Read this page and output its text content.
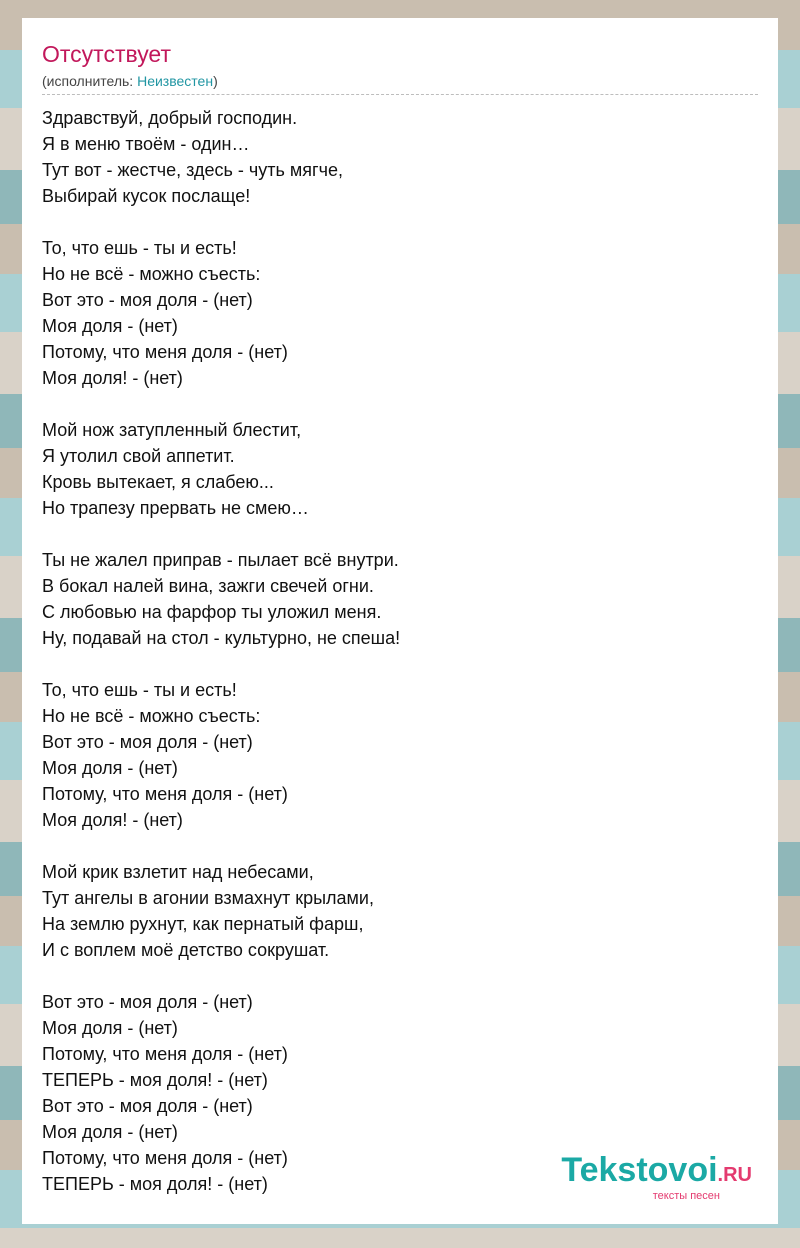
Отсутствует
(исполнитель: Неизвестен)
Здравствуй, добрый господин.
Я в меню твоём - один…
Тут вот - жестче, здесь - чуть мягче,
Выбирай кусок послаще!
То, что ешь - ты и есть!
Но не всё - можно съесть:
Вот это - моя доля - (нет)
Моя доля - (нет)
Потому, что меня доля - (нет)
Моя доля! - (нет)
Мой нож затупленный блестит,
Я утолил свой аппетит.
Кровь вытекает, я слабею...
Но трапезу прервать не смею…
Ты не жалел приправ - пылает всё внутри.
В бокал налей вина, зажги свечей огни.
С любовью на фарфор ты уложил меня.
Ну, подавай на стол - культурно, не спеша!
То, что ешь - ты и есть!
Но не всё - можно съесть:
Вот это - моя доля - (нет)
Моя доля - (нет)
Потому, что меня доля - (нет)
Моя доля! - (нет)
Мой крик взлетит над небесами,
Тут ангелы в агонии взмахнут крылами,
На землю рухнут, как пернатый фарш,
И с воплем моё детство сокрушат.
Вот это - моя доля - (нет)
Моя доля - (нет)
Потому, что меня доля - (нет)
ТЕПЕРЬ - моя доля! - (нет)
Вот это - моя доля - (нет)
Моя доля - (нет)
Потому, что меня доля - (нет)
ТЕПЕРЬ - моя доля! - (нет)	Tekstovoi.RU
тексты песен
